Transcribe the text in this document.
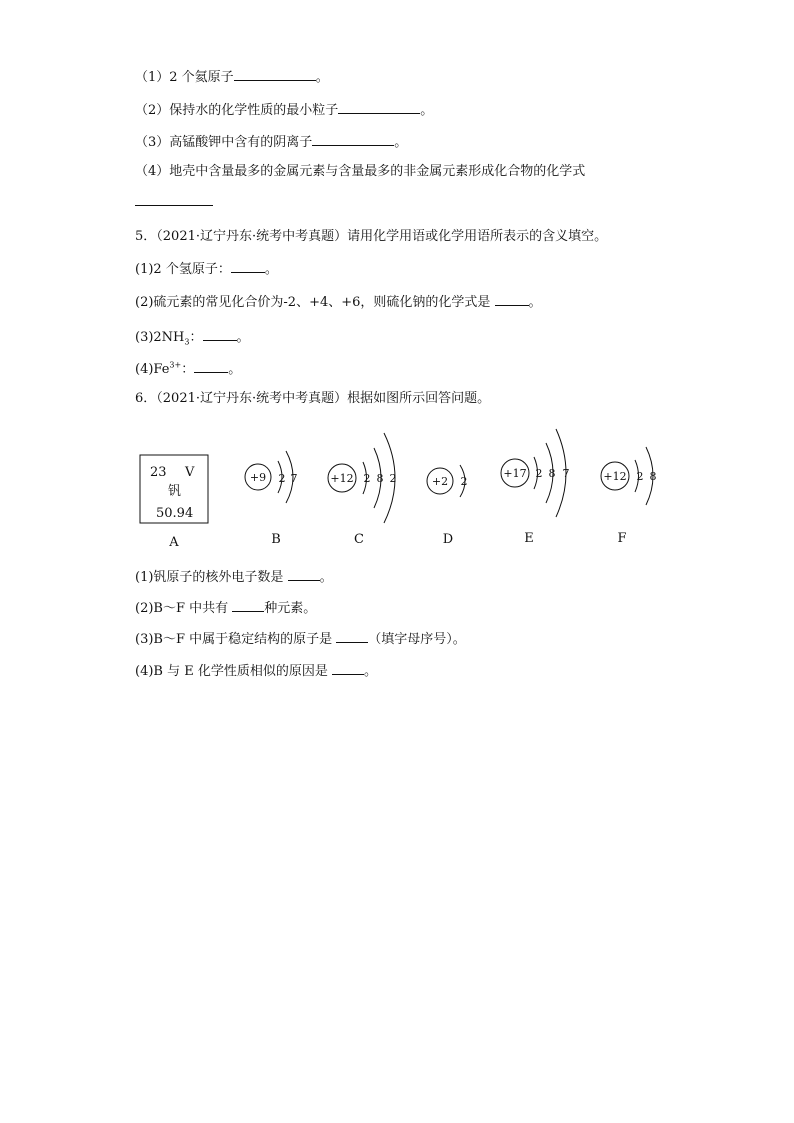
（1）2 个氦原子	。
（2）保持水的化学性质的最小粒子	。
（3）高锰酸钾中含有的阴离子	。
（4）地壳中含量最多的金属元素与含量最多的非金属元素形成化合物的化学式
5．（2021·辽宁丹东·统考中考真题）请用化学用语或化学用语所表示的含义填空。
(1)2 个氢原子：	。
(2)硫元素的常见化合价为-2、+4、+6，则硫化钠的化学式是	。
$(3)2NH_3$：	。
$(4)Fe^{3+}$：	。
6．（2021·辽宁丹东·统考中考真题）根据如图所示回答问题。
23 V
钒
50.94
+9 2 7	+12 2 8 2	+2 2
+17 2 8 7	+12 2 8
A	B	C	D	E	F
(1)钒原子的核外电子数是	。
(2)B～F 中共有	种元素。
(3)B～F 中属于稳定结构的原子是	（填字母序号）。
(4)B 与 E 化学性质相似的原因是	。
